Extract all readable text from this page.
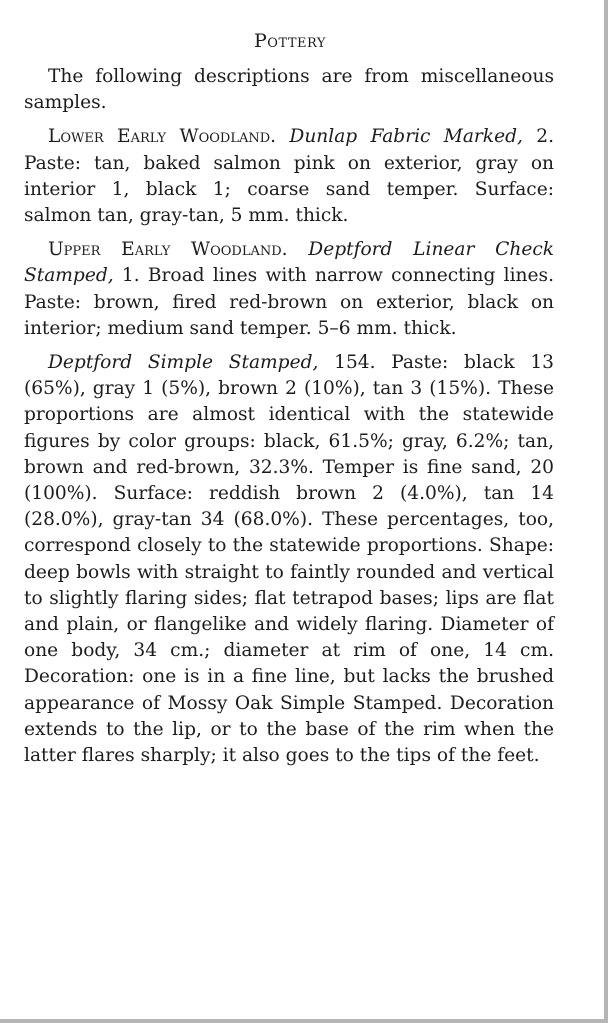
Pottery

The following descriptions are from miscellaneous samples.

Lower Early Woodland. Dunlap Fabric Marked, 2. Paste: tan, baked salmon pink on exterior, gray on interior 1, black 1; coarse sand temper. Surface: salmon tan, gray-tan, 5 mm. thick.

Upper Early Woodland. Deptford Linear Check Stamped, 1. Broad lines with narrow connecting lines. Paste: brown, fired red-brown on exterior, black on interior; medium sand temper. 5–6 mm. thick.

Deptford Simple Stamped, 154. Paste: black 13 (65%), gray 1 (5%), brown 2 (10%), tan 3 (15%). These proportions are almost identical with the statewide figures by color groups: black, 61.5%; gray, 6.2%; tan, brown and red-brown, 32.3%. Temper is fine sand, 20 (100%). Surface: reddish brown 2 (4.0%), tan 14 (28.0%), gray-tan 34 (68.0%). These percentages, too, correspond closely to the statewide proportions. Shape: deep bowls with straight to faintly rounded and vertical to slightly flaring sides; flat tetrapod bases; lips are flat and plain, or flangelike and widely flaring. Diameter of one body, 34 cm.; diameter at rim of one, 14 cm. Decoration: one is in a fine line, but lacks the brushed appearance of Mossy Oak Simple Stamped. Decoration extends to the lip, or to the base of the rim when the latter flares sharply; it also goes to the tips of the feet.
